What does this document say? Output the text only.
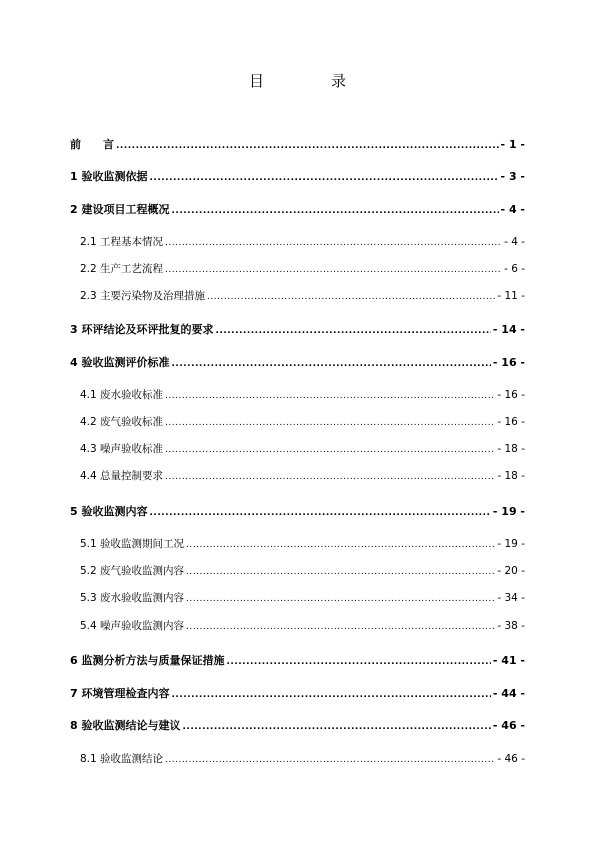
目　录
前　　言 .....	- 1 -
1 验收监测依据 .....	- 3 -
2 建设项目工程概况 .....	- 4 -
2.1 工程基本情况 .....	- 4 -
2.2 生产工艺流程 .....	- 6 -
2.3 主要污染物及治理措施 .....	- 11 -
3 环评结论及环评批复的要求 .....	- 14 -
4 验收监测评价标准 .....	- 16 -
4.1 废水验收标准 .....	- 16 -
4.2 废气验收标准 .....	- 16 -
4.3 噪声验收标准 .....	- 18 -
4.4 总量控制要求 .....	- 18 -
5 验收监测内容 .....	- 19 -
5.1 验收监测期间工况 .....	- 19 -
5.2 废气验收监测内容 .....	- 20 -
5.3 废水验收监测内容 .....	- 34 -
5.4 噪声验收监测内容 .....	- 38 -
6 监测分析方法与质量保证措施 .....	- 41 -
7 环境管理检查内容 .....	- 44 -
8 验收监测结论与建议 .....	- 46 -
8.1 验收监测结论 .....	- 46 -
